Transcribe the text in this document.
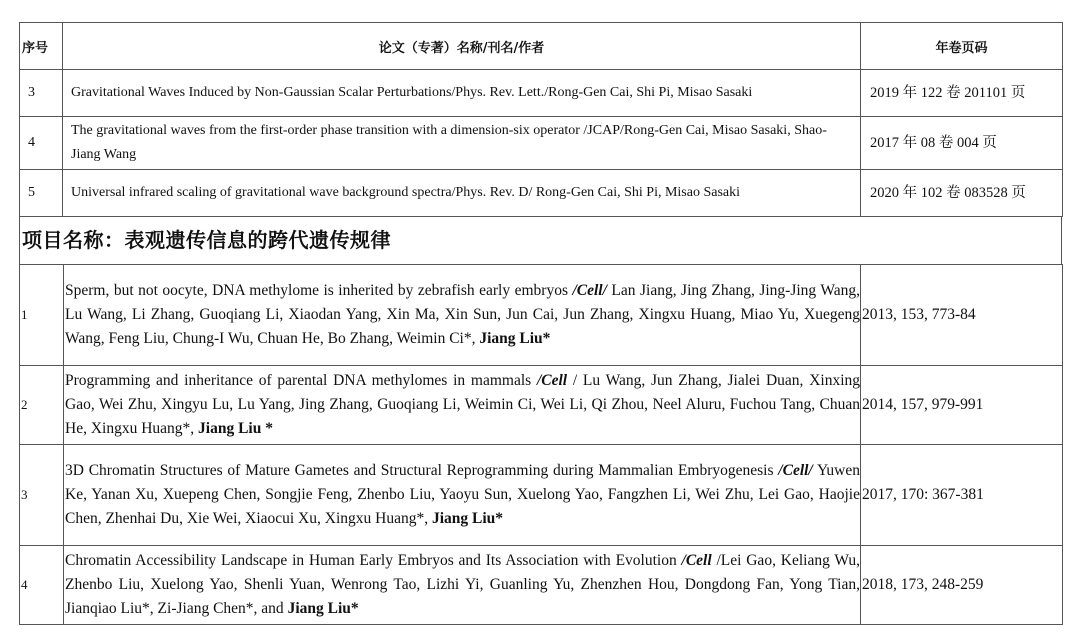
序号	论文（专著）名称/刊名/作者	年卷页码
3	Gravitational Waves Induced by Non-Gaussian Scalar Perturbations/Phys. Rev. Lett./Rong-Gen Cai, Shi Pi, Misao Sasaki	2019 年 122 卷 201101 页
4	The gravitational waves from the first-order phase transition with a dimension-six operator /JCAP/Rong-Gen Cai, Misao Sasaki, Shao-Jiang Wang	2017 年 08 卷 004 页
5	Universal infrared scaling of gravitational wave background spectra/Phys. Rev. D/ Rong-Gen Cai, Shi Pi, Misao Sasaki	2020 年 102 卷 083528 页
项目名称：表观遗传信息的跨代遗传规律
1	Sperm, but not oocyte, DNA methylome is inherited by zebrafish early embryos /Cell/ Lan Jiang, Jing Zhang, Jing-Jing Wang, Lu Wang, Li Zhang, Guoqiang Li, Xiaodan Yang, Xin Ma, Xin Sun, Jun Cai, Jun Zhang, Xingxu Huang, Miao Yu, Xuegeng Wang, Feng Liu, Chung-I Wu, Chuan He, Bo Zhang, Weimin Ci*, Jiang Liu*	2013, 153, 773-84
2	Programming and inheritance of parental DNA methylomes in mammals /Cell / Lu Wang, Jun Zhang, Jialei Duan, Xinxing Gao, Wei Zhu, Xingyu Lu, Lu Yang, Jing Zhang, Guoqiang Li, Weimin Ci, Wei Li, Qi Zhou, Neel Aluru, Fuchou Tang, Chuan He, Xingxu Huang*, Jiang Liu *	2014, 157, 979-991
3	3D Chromatin Structures of Mature Gametes and Structural Reprogramming during Mammalian Embryogenesis /Cell/ Yuwen Ke, Yanan Xu, Xuepeng Chen, Songjie Feng, Zhenbo Liu, Yaoyu Sun, Xuelong Yao, Fangzhen Li, Wei Zhu, Lei Gao, Haojie Chen, Zhenhai Du, Xie Wei, Xiaocui Xu, Xingxu Huang*, Jiang Liu*	2017, 170: 367-381
4	Chromatin Accessibility Landscape in Human Early Embryos and Its Association with Evolution /Cell /Lei Gao, Keliang Wu, Zhenbo Liu, Xuelong Yao, Shenli Yuan, Wenrong Tao, Lizhi Yi, Guanling Yu, Zhenzhen Hou, Dongdong Fan, Yong Tian, Jianqiao Liu*, Zi-Jiang Chen*, and Jiang Liu*	2018, 173, 248-259
